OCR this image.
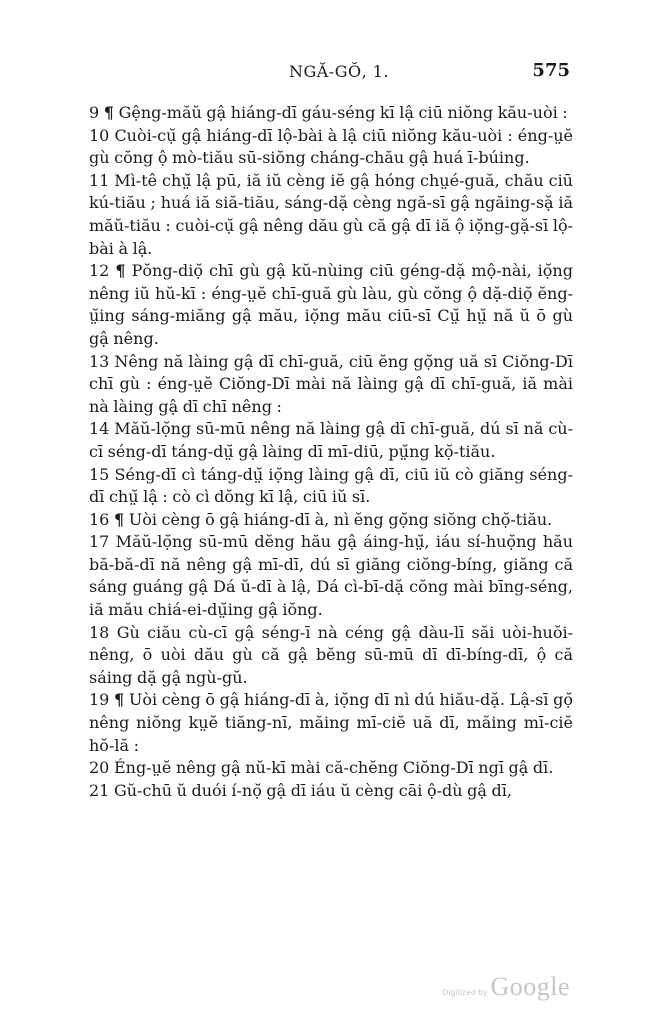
NGĂ-GŎ, 1.	575

9 ¶ Gệng-măŭ gậ hiáng-dī gáu-séng kī lậ ciū niŏng kău-uòi :

10 Cuòi-cụ̆ gậ hiáng-dī lộ-bài à lậ ciū niŏng kău-uòi : éng-ṳĕ gù cŏng ộ mò-tiău sū-siŏng cháng-chău gậ huá ī-búing.

11 Mì-tê chṳ̆ lậ pū, iă iŭ cèng iĕ gậ hóng chṳé-guă, chău ciū kú-tiău ; huá iă siă-tiău, sáng-dặ cèng ngă-sī gậ ngăing-sặ iă măŭ-tiău : cuòi-cụ̆ gậ nêng dău gù că gậ dī iă ộ iọ̆ng-gặ-sī lộ-bài à lậ.

12 ¶ Pŏng-diọ̆ chī gù gậ kŭ-nùing ciū géng-dặ mộ-nài, iọ̆ng nêng iŭ hŭ-kī : éng-ṳĕ chī-guă gù làu, gù cŏng ộ dặ-diọ̆ ĕng-ṳ̆ing sáng-miăng gậ mău, iọ̆ng mău ciū-sī Cṳ̆ hṳ̆ nă ŭ ō gù gậ nêng.

13 Nêng nă làing gậ dī chī-guă, ciū ĕng gọ̆ng uă sī Ciŏng-Dī chī gù : éng-ṳĕ Ciŏng-Dī mài nă làing gậ dī chī-guă, iă mài nà làing gậ dī chī nêng :

14 Măŭ-lọ̆ng sū-mū nêng nă làing gậ dī chī-guă, dú sī nă cù-cī séng-dī táng-dṳ̆ gậ làing dī mī-diū, pṳ̆ng kọ̆-tiău.

15 Séng-dī cì táng-dṳ̆ iọ̆ng làing gậ dī, ciū iŭ cò giăng séng-dī chṳ̆ lậ : cò cì dŏng kī lậ, ciū iŭ sī.

16 ¶ Uòi cèng ō gậ hiáng-dī à, nì ĕng gọ̆ng siŏng chọ̆-tiău.

17 Măŭ-lọ̆ng sū-mū dĕng hău gậ áing-hṳ̆, iáu sí-huọ̆ng hău bă-bă-dī nă nêng gậ mī-dī, dú sī giăng ciŏng-bíng, giăng că sáng guáng gậ Dá ŭ-dī à lậ, Dá cì-bī-dặ cŏng mài bīng-séng, iă mău chiá-ei-dṳ̆ing gậ iŏng.

18 Gù ciău cù-cī gậ séng-ī nà céng gậ dàu-lī săi uòi-huŏi-nêng, ō uòi dău gù că gậ bĕng sū-mū dī dī-bíng-dī, ộ că sáing dặ gậ ngù-gŭ.

19 ¶ Uòi cèng ō gậ hiáng-dī à, iọ̆ng dī nì dú hiău-dặ. Lậ-sī gọ̆ nêng niŏng kṳĕ tiăng-nī, măing mī-ciĕ uă dī, măing mī-ciĕ hŏ-lă :

20 Éng-ṳĕ nêng gậ nŭ-kī mài că-chĕng Ciŏng-Dī ngī gậ dī.

21 Gŭ-chū ŭ duói í-nọ̆ gậ dī iáu ŭ cèng cāi ộ-dù gậ dī,

Digitized by Google
